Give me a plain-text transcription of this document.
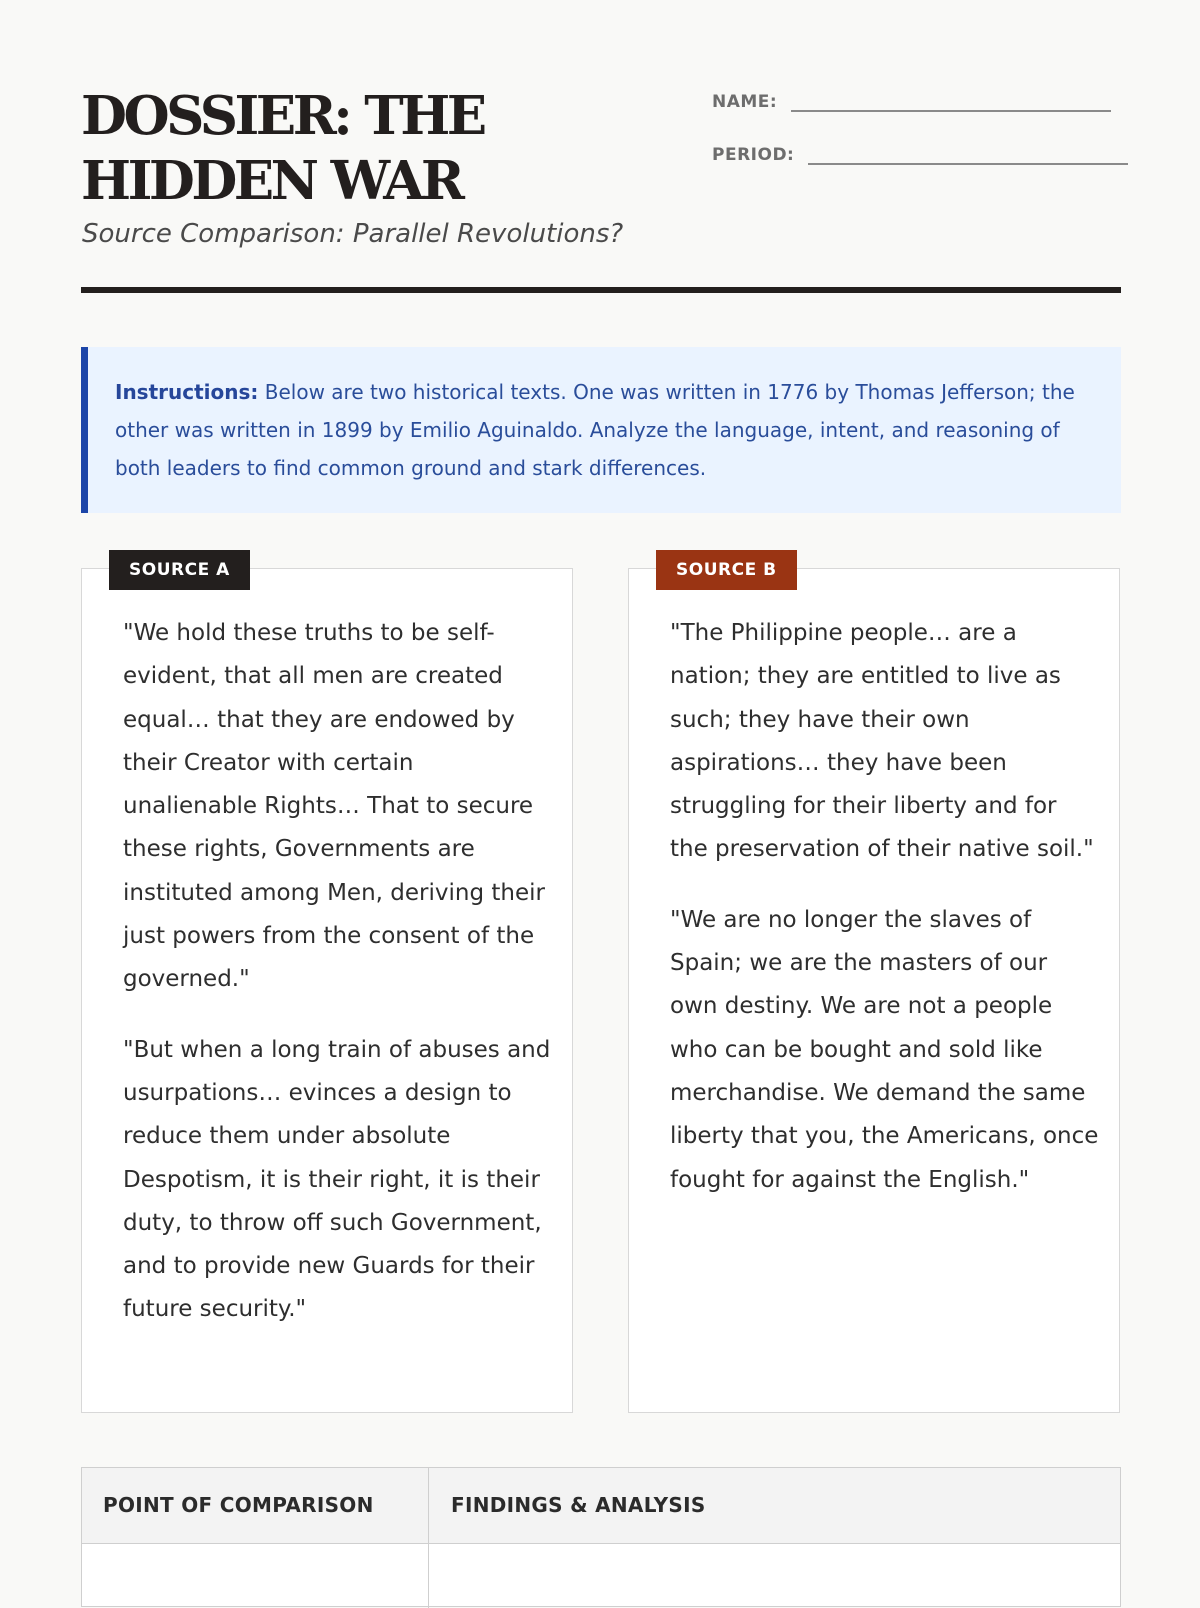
DOSSIER: THE
HIDDEN WAR
Source Comparison: Parallel Revolutions?
NAME:
PERIOD:
Instructions: Below are two historical texts. One was written in 1776 by Thomas Jefferson; the other was written in 1899 by Emilio Aguinaldo. Analyze the language, intent, and reasoning of both leaders to find common ground and stark differences.
SOURCE A

"We hold these truths to be self-evident, that all men are created equal… that they are endowed by their Creator with certain unalienable Rights… That to secure these rights, Governments are instituted among Men, deriving their just powers from the consent of the governed."

"But when a long train of abuses and usurpations… evinces a design to reduce them under absolute Despotism, it is their right, it is their duty, to throw off such Government, and to provide new Guards for their future security."

SOURCE B

"The Philippine people… are a nation; they are entitled to live as such; they have their own aspirations… they have been struggling for their liberty and for the preservation of their native soil."

"We are no longer the slaves of Spain; we are the masters of our own destiny. We are not a people who can be bought and sold like merchandise. We demand the same liberty that you, the Americans, once fought for against the English."

POINT OF COMPARISON	FINDINGS & ANALYSIS
